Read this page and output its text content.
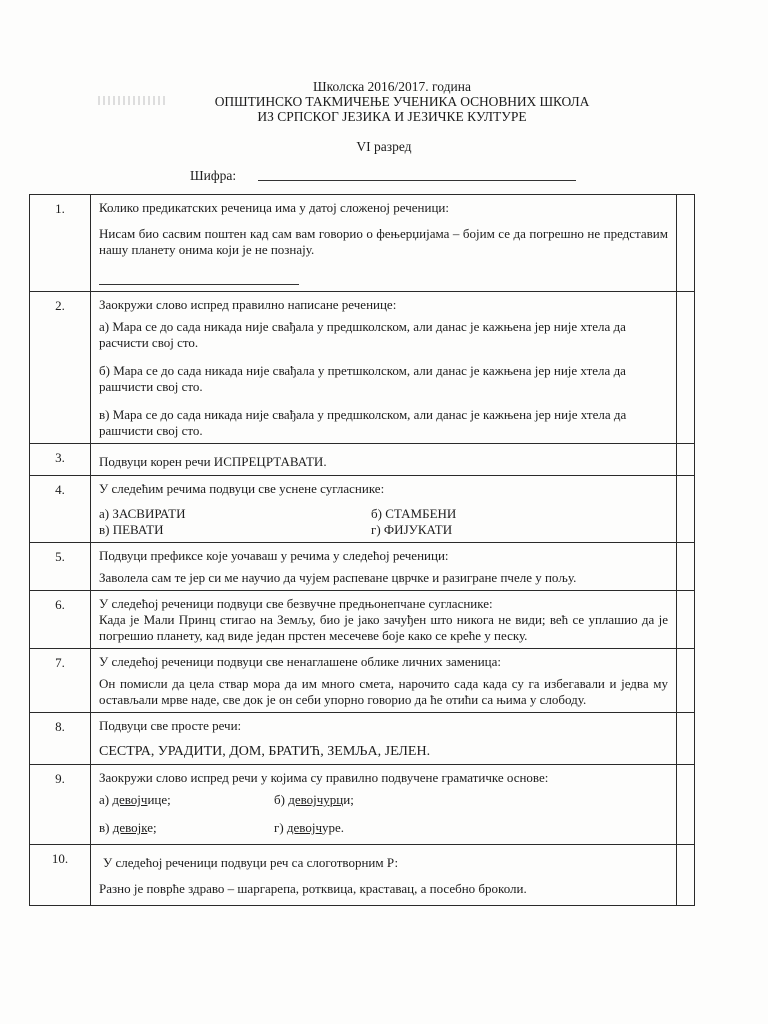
Школска 2016/2017. година
ОПШТИНСКО ТАКМИЧЕЊЕ УЧЕНИКА ОСНОВНИХ ШКОЛА
ИЗ СРПСКОГ ЈЕЗИКА И ЈЕЗИЧКЕ КУЛТУРЕ
VI разред
Шифра:
1.	Колико предикатских реченица има у датој сложеној реченици:

Нисам био сасвим поштен кад сам вам говорио о фењерџијама – бојим се да погрешно не представим нашу планету онима који је не познају.	

2.	Заокружи слово испред правилно написане реченице:

а) Мара се до сада никада није свађала у предшколском, али данас је кажњена јер није хтела да расчисти свој сто.

б) Мара се до сада никада није свађала у претшколском, али данас је кажњена јер није хтела да рашчисти свој сто.

в) Мара се до сада никада није свађала у предшколском, али данас је кажњена јер није хтела да рашчисти свој сто.	

3.	Подвуци корен речи ИСПРЕЦРТАВАТИ.	

4.	У следећим речима подвуци све уснене сугласнике:

а) ЗАСВИРАТИ б) СТАМБЕНИ
в) ПЕВАТИ г) ФИЈУКАТИ	

5.	Подвуци префиксе које уочаваш у речима у следећој реченици:

Заволела сам те јер си ме научио да чујем распеване цврчке и разигране пчеле у пољу.	

6.	У следећој реченици подвуци све безвучне предњонепчане сугласнике:

Када је Мали Принц стигао на Земљу, био је јако зачуђен што никога не види; већ се уплашио да је погрешио планету, кад виде један прстен месечеве боје како се креће у песку.	

7.	У следећој реченици подвуци све ненаглашене облике личних заменица:

Он помисли да цела ствар мора да им много смета, нарочито сада када су га избегавали и једва му остављали мрве наде, све док је он себи упорно говорио да ће отићи са њима у слободу.	

8.	Подвуци све просте речи:

СЕСТРА, УРАДИТИ, ДОМ, БРАТИЋ, ЗЕМЉА, ЈЕЛЕН.	

9.	Заокружи слово испред речи у којима су правилно подвучене граматичке основе:

а) девојчице; б) девојчурци;
в) девојке; г) девојчуре.	

10.	У следећој реченици подвуци реч са слоготворним Р:

Разно је поврће здраво – шаргарепа, ротквица, краставац, а посебно броколи.	
